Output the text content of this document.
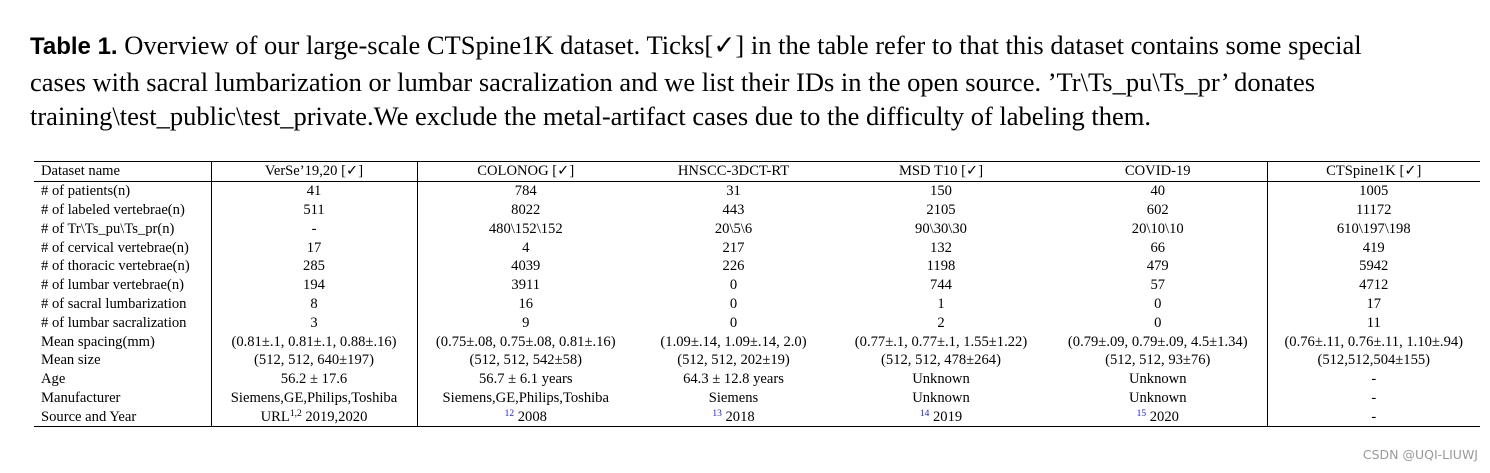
Table 1. Overview of our large-scale CTSpine1K dataset. Ticks[✓] in the table refer to that this dataset contains some special
cases with sacral lumbarization or lumbar sacralization and we list their IDs in the open source. ’Tr\Ts_pu\Ts_pr’ donates
training\test_public\test_private.We exclude the metal-artifact cases due to the difficulty of labeling them.
Dataset name	VerSe’19,20 [✓]	COLONOG [✓]	HNSCC-3DCT-RT	MSD T10 [✓]	COVID-19	CTSpine1K [✓]
# of patients(n)	41	784	31	150	40	1005
# of labeled vertebrae(n)	511	8022	443	2105	602	11172
# of Tr\Ts_pu\Ts_pr(n)	-	480\152\152	20\5\6	90\30\30	20\10\10	610\197\198
# of cervical vertebrae(n)	17	4	217	132	66	419
# of thoracic vertebrae(n)	285	4039	226	1198	479	5942
# of lumbar vertebrae(n)	194	3911	0	744	57	4712
# of sacral lumbarization	8	16	0	1	0	17
# of lumbar sacralization	3	9	0	2	0	11
Mean spacing(mm)	(0.81±.1, 0.81±.1, 0.88±.16)	(0.75±.08, 0.75±.08, 0.81±.16)	(1.09±.14, 1.09±.14, 2.0)	(0.77±.1, 0.77±.1, 1.55±1.22)	(0.79±.09, 0.79±.09, 4.5±1.34)	(0.76±.11, 0.76±.11, 1.10±.94)
Mean size	(512, 512, 640±197)	(512, 512, 542±58)	(512, 512, 202±19)	(512, 512, 478±264)	(512, 512, 93±76)	(512,512,504±155)
Age	56.2 ± 17.6	56.7 ± 6.1 years	64.3 ± 12.8 years	Unknown	Unknown	-
Manufacturer	Siemens,GE,Philips,Toshiba	Siemens,GE,Philips,Toshiba	Siemens	Unknown	Unknown	-
Source and Year	URL$^{1,2}$ 2019,2020	$^{12}$ 2008	$^{13}$ 2018	$^{14}$ 2019	$^{15}$ 2020	-
CSDN @UQI-LIUWJ
